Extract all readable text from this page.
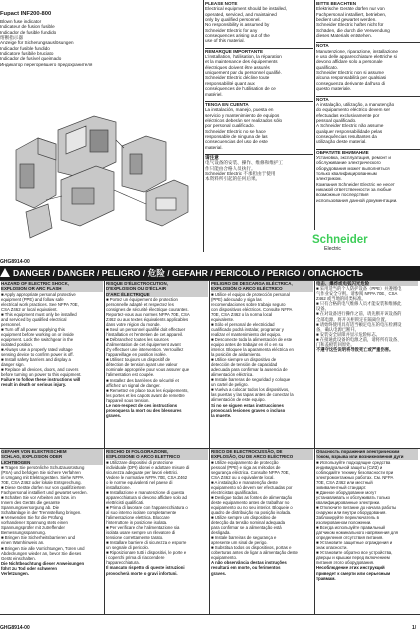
Fupact INF200-800
Blown fuse indicator
Indicateur de fusion fusible
Indicador de fusible fundido
熔断指示器
Anzeige für Sicherungsauslösungen
Indicador fusible fundido
Indicatore fusibile bruciato
Indicador de fusível queimado
Индикатор перегоревшего предохранителя
PLEASE NOTE
Electrical equipment should be installed,
operated, serviced, and maintained
only by qualified personnel.
No responsibility is assumed by
Schneider Electric for any
consequences arising out of the
use of this material.
REMARQUE IMPORTANTE
L'installation, l'utilisation, la réparation
et la maintenance des équipements
électriques doivent être assurés
uniquement par du personnel qualifié.
Schneider Electric décline toute
responsabilité quant aux
conséquences de l'utilisation de ce
matériel.
TENGA EN CUENTA
La instalación, manejo, puesta en
servicio y mantenimiento de equipos
eléctricos deberán ser realizados sólo
por personal cualificado.
Schneider Electric no se hace
responsable de ninguna de las
consecuencias del uso de este
material.
请注意
电气设备的安装、操作、维修和维护工
作只能由合格人员执行。
Schneider Electric 不承担由于使用
本资料所引起的任何后果。
BITTE BEACHTEN
Elektrische Geräte dürfen nur von
Fachpersonal installiert, betrieben,
bedient und gewartet werden.
Schneider Electric haftet nicht für
Schäden, die durch die Verwendung
dieses Materials entstehen.
NOTA
Manutenzione, riparazione, installazione
e uso delle apparecchiature elettriche si
devono affidare solo a personale
qualificato.
Schneider Electric non si assume
alcuna responsabilità per qualsiasi
conseguenza derivante dall'uso di
questo materiale.
NOTA
A instalação, utilização, a manutenção
do equipamento eléctrico devem ser
efectuadas exclusivamente por
pessoal qualificado.
A Schneider Electric não assume
qualquer responsabilidade pelas
consequências resultantes da
utilização deste material.
ОБРАТИТЕ ВНИМАНИЕ
Установка, эксплуатация, ремонт и
обслуживание электрического
оборудования может выполняться
только квалифицированным
электриком.
Компания Schneider Electric не несет
никакой ответственности за любые
возможные последствия
использования данной документации.
Schneider
Electric
GHG8914-00
DANGER / DANGER / PELIGRO / 危险 / GEFAHR / PERICOLO / PERIGO / ОПАСНОСТЬ
HAZARD OF ELECTRIC SHOCK,
EXPLOSION OR ARC FLASH
■ Apply appropriate personal protective
equipment (PPE) and follow safe
electrical work practices. See NFPA 70E,
CSA Z462 or local equivalent.
■ This equipment must only be installed
and serviced by qualified electrical
personnel.
■ Turn off all power supplying this
equipment before working on or inside
equipment. Lock the switchgear in the
isolated position.
■ Always use a properly rated voltage
sensing device to confirm power is off.
■ Install safety barriers and display a
danger sign.
■ Replace all devices, doors, and covers
before turning on power to this equipment.
Failure to follow these instructions will
result in death or serious injury.
RISQUE D'ÉLECTROCUTION,
D'EXPLOSION OU D'ÉCLAIR
D'ARC ÉLECTRIQUE
■ Portez un équipement de protection
personnelle adapté et respectez les
consignes de sécurité électrique courantes.
Reportez-vous aux normes NFPA 70E, CSA
Z462 ou aux textes équivalents applicables
dans votre région du monde.
■ Seul un personnel qualifié doit effectuer
l'installation et l'entretien de cet appareil.
■ Débranchez toutes les sources
d'alimentation de cet équipement avant
d'y effectuer une intervention. Verrouillez
l'appareillage en position isolée.
■ Utilisez toujours un dispositif de
détection de tension ayant une valeur
nominale appropriée pour vous assurer que
l'alimentation est coupée.
■ Installez des barrières de sécurité et
affichez un signal de danger.
■ Remettez en place tous les équipements,
les portes et les capots avant de remettre
l'appareil sous tension.
Le non-respect de ces instructions
provoquera la mort ou des blessures
graves.
PELIGRO DE DESCARGA ELÉCTRICA,
EXPLOSIÓN O ARCO ELÉCTRICO
■ Utilice el equipo de protección personal
(PPE) adecuado y siga las
recomendaciones sobre trabajo seguro
con dispositivos eléctricos. Consulte NFPA
70E, CSA Z462 o la norma local
equivalente.
■ Sólo el personal de electricidad
cualificado podrá instalar, programar y
realizar el mantenimiento del equipo.
■ Desconecte toda la alimentación de este
equipo antes de trabajar en él o en su
interior. Bloquee la aparamenta eléctrica en
la posición de aislamiento.
■ Utilice siempre un dispositivo de
detección de tensión de capacidad
adecuada para confirmar la ausencia de
alimentación eléctrica.
■ Instale barreras de seguridad y coloque
un cartel de peligro.
■ Vuelva a colocar todos los dispositivos,
las puertas y las tapas antes de conectar la
alimentación de este equipo.
Si no se siguen estas instrucciones
provocará lesiones graves o incluso
la muerte.
电击、爆炸或电弧闪光危险
■ 采用适当的个人防护设备（PPE）并遵循电
气作业安全守则。请参阅 NFPA 70E、CSA
Z462 或当地的同类标准。
■ 只有合格的电气维修人员才能安装和维修此
设备。
■ 在对设备进行操作之前，请先断开该设备的
全部电源。将开关柜锁定在隔离位置。
■ 请始终使用具有适当额定电压的电压检测设
备，确认电源已断开。
■ 安装安全屏障并显示危险标志。
■ 在接通此设备的电源之前，请将所有设备、
门和盖板装回原处。
不遵守这些说明将导致死亡或严重伤害。
GEFAHR VON ELEKTRISCHEM
SCHLAG, EXPLOSION ODER
LICHTBOGEN
■ Tragen Sie persönliche Schutzausrüstung
(PSA) und befolgen Sie sichere Verfahren
in Umgang mit Elektrogeräten. Siehe NFPA
70E, CSA Z462 oder lokale Entsprechung.
■ Diese Geräte dürfen nur von qualifiziertem
Fachpersonal installiert und gewartet werden.
■ Schalten Sie vor Arbeiten am bzw. im
Innern des Geräts die gesamte
Spannungsversorgung ab. Die
Schaltanlage in der Trennstellung bringen.
■ Verwenden Sie für die Prüfung
vorhandener Spannung stets einen
Spannungsprüfer mit zutreffender
Bemessungsspannung.
■ Bringen Sie Sicherheitsbarrieren und
einen Warnhinweis an.
■ Bringen Sie alle Vorrichtungen, Türen und
Abdeckungen wieder an, bevor Sie dieses
Gerät einschalten.
Die Nichtbeachtung dieser Anweisungen
führt zu Tod oder schweren
Verletzungen.
RISCHIO DI FOLGORAZIONE,
ESPLOSIONE O ARCO ELETTRICO
■ Utilizzare dispositivi di protezione
individuale (DPI) idonei e adottare misure di
sicurezza adeguate per lavori elettrici.
Vedere le normative NFPA 70E, CSA Z462
o le norme equivalenti nel paese di
installazione.
■ Installazione e manutenzione di questa
apparecchiatura si devono affidare solo ad
elettricisti qualificati.
■ Prima di lavorare con l'apparecchiatura o
al suo interno isolare completamente
l'alimentazione elettrica. Bloccare
l'interruttore in posizione isolata.
■ Per verificare che l'alimentazione sia
isolata usare sempre un rilevatore di
tensione correttamente tarato.
■ Installare barriere di sicurezza e esporre
un segnale di pericolo.
■ Riposizionare tutti i dispositivi, le porte e
i coperchi prima di riaccendere
l'apparecchiatura.
Il mancato rispetto di queste istruzioni
provocherà morte o gravi infortuni.
RISCO DE ELECTROCUSSÃO, DE
EXPLOSÃO, OU DE ARCO ELÉCTRICO
■ Utilize equipamento de protecção
pessoal (PPE) e siga as métodos de
segurança eléctrica. Consulte NFPA 70E,
CSA Z462 ou o equivalente local.
■ A instalação e manutenção deste
equipamento só devem ser efectuadas por
electricistas qualificados.
■ Desligue todas as fontes de alimentação
deste equipamento antes de trabalhar no
equipamento ou no seu interior. Bloqueie o
quadro de distribuição na posição isolada.
■ Utilize sempre um dispositivo de
detecção da tensão nominal adequada
para confirmar se a alimentação está
desligada.
■ Instale barreiras de segurança e
apresente um sinal de perigo.
■ Substitua todos os dispositivos, portas e
coberturas antes de ligar a alimentação deste
equipamento.
A não observância destas instruções
resultará em morte, ou ferimentos
graves.
Опасность поражения электрическим
током, взрыва или возникновения дуги
■ Используйте подходящие средства
индивидуальной защиты (СИЗ) и
соблюдайте технику безопасности при
электромонтажных работах. См. NFPA
70E, CSA Z462 или местный
эквивалентный стандарт.
■ Данное оборудование могут
устанавливать и обслуживать только
квалифицированные электрики.
■ Отключите питание до начала работы
снаружи или внутри оборудования.
Заблокируйте переключатель в
изолированном положении.
■ Всегда используйте правильный
датчиком номинального напряжения для
определения отсутствия питания.
■ Установите защитные ограждения и
знак опасности.
■ Установите обратно все устройства,
дверцы и крышки перед включением
питания этого оборудования.
Несоблюдение этих инструкций
приведет к смерти или серьезным
травмам.
GHG8914-00	1/
